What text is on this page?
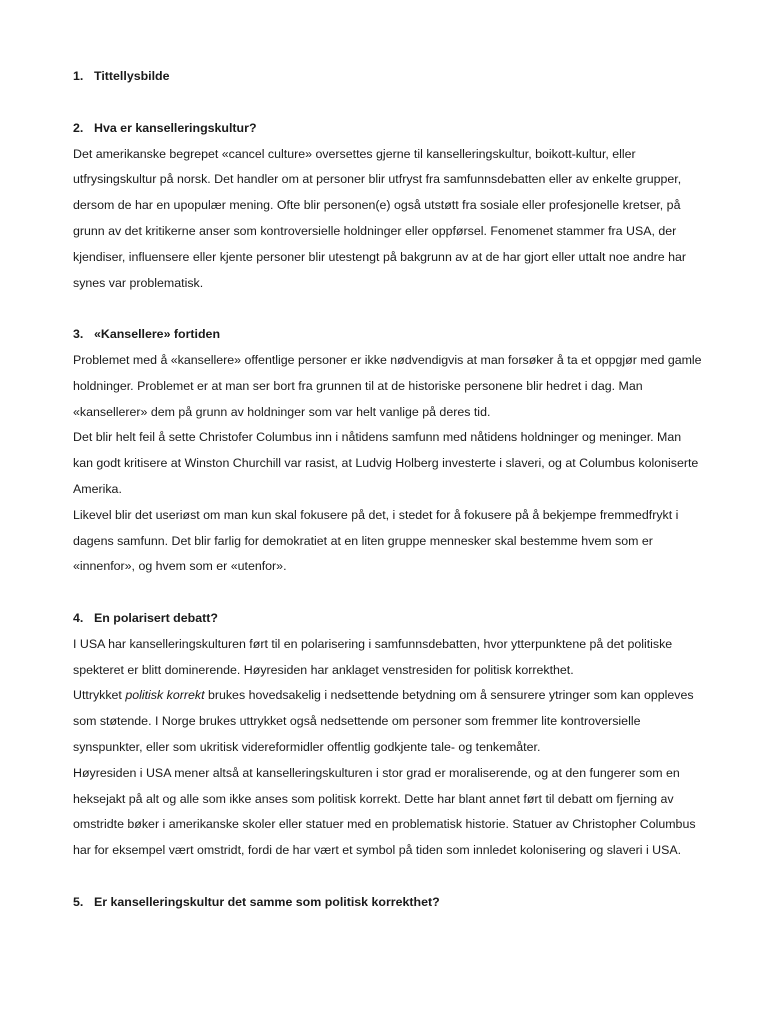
1. Tittellysbilde
2. Hva er kanselleringskultur?

Det amerikanske begrepet «cancel culture» oversettes gjerne til kanselleringskultur, boikott-kultur, eller utfrysingskultur på norsk. Det handler om at personer blir utfryst fra samfunnsdebatten eller av enkelte grupper, dersom de har en upopulær mening. Ofte blir personen(e) også utstøtt fra sosiale eller profesjonelle kretser, på grunn av det kritikerne anser som kontroversielle holdninger eller oppførsel. Fenomenet stammer fra USA, der kjendiser, influensere eller kjente personer blir utestengt på bakgrunn av at de har gjort eller uttalt noe andre har synes var problematisk.

3. «Kansellere» fortiden

Problemet med å «kansellere» offentlige personer er ikke nødvendigvis at man forsøker å ta et oppgjør med gamle holdninger. Problemet er at man ser bort fra grunnen til at de historiske personene blir hedret i dag. Man «kansellerer» dem på grunn av holdninger som var helt vanlige på deres tid.

Det blir helt feil å sette Christofer Columbus inn i nåtidens samfunn med nåtidens holdninger og meninger. Man kan godt kritisere at Winston Churchill var rasist, at Ludvig Holberg investerte i slaveri, og at Columbus koloniserte Amerika.

Likevel blir det useriøst om man kun skal fokusere på det, i stedet for å fokusere på å bekjempe fremmedfrykt i dagens samfunn. Det blir farlig for demokratiet at en liten gruppe mennesker skal bestemme hvem som er «innenfor», og hvem som er «utenfor».

4. En polarisert debatt?

I USA har kanselleringskulturen ført til en polarisering i samfunnsdebatten, hvor ytterpunktene på det politiske spekteret er blitt dominerende. Høyresiden har anklaget venstresiden for politisk korrekthet.

Uttrykket politisk korrekt brukes hovedsakelig i nedsettende betydning om å sensurere ytringer som kan oppleves som støtende. I Norge brukes uttrykket også nedsettende om personer som fremmer lite kontroversielle synspunkter, eller som ukritisk videreformidler offentlig godkjente tale- og tenkemåter.

Høyresiden i USA mener altså at kanselleringskulturen i stor grad er moraliserende, og at den fungerer som en heksejakt på alt og alle som ikke anses som politisk korrekt. Dette har blant annet ført til debatt om fjerning av omstridte bøker i amerikanske skoler eller statuer med en problematisk historie. Statuer av Christopher Columbus har for eksempel vært omstridt, fordi de har vært et symbol på tiden som innledet kolonisering og slaveri i USA.

5. Er kanselleringskultur det samme som politisk korrekthet?
